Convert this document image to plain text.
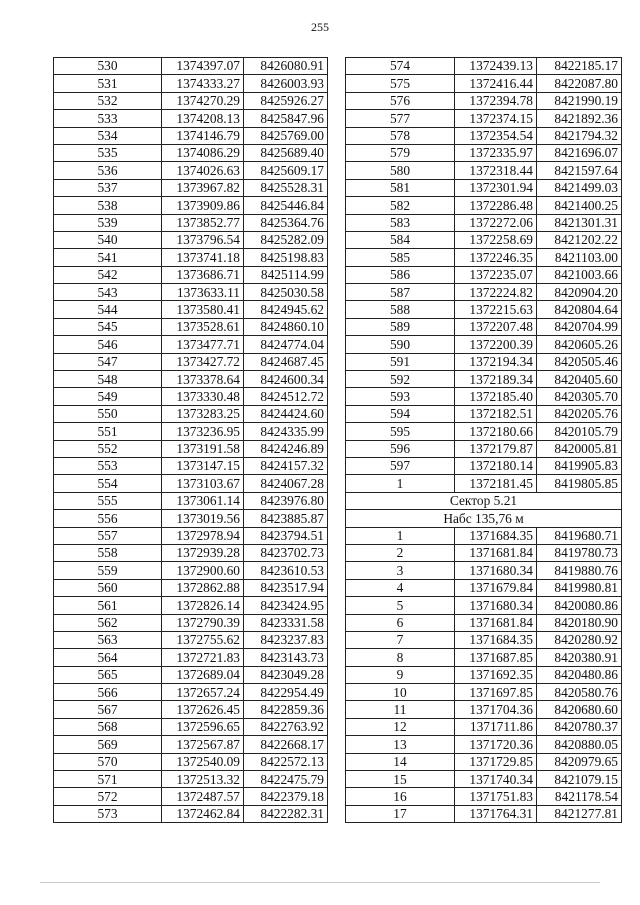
255
530	1374397.07	8426080.91
531	1374333.27	8426003.93
532	1374270.29	8425926.27
533	1374208.13	8425847.96
534	1374146.79	8425769.00
535	1374086.29	8425689.40
536	1374026.63	8425609.17
537	1373967.82	8425528.31
538	1373909.86	8425446.84
539	1373852.77	8425364.76
540	1373796.54	8425282.09
541	1373741.18	8425198.83
542	1373686.71	8425114.99
543	1373633.11	8425030.58
544	1373580.41	8424945.62
545	1373528.61	8424860.10
546	1373477.71	8424774.04
547	1373427.72	8424687.45
548	1373378.64	8424600.34
549	1373330.48	8424512.72
550	1373283.25	8424424.60
551	1373236.95	8424335.99
552	1373191.58	8424246.89
553	1373147.15	8424157.32
554	1373103.67	8424067.28
555	1373061.14	8423976.80
556	1373019.56	8423885.87
557	1372978.94	8423794.51
558	1372939.28	8423702.73
559	1372900.60	8423610.53
560	1372862.88	8423517.94
561	1372826.14	8423424.95
562	1372790.39	8423331.58
563	1372755.62	8423237.83
564	1372721.83	8423143.73
565	1372689.04	8423049.28
566	1372657.24	8422954.49
567	1372626.45	8422859.36
568	1372596.65	8422763.92
569	1372567.87	8422668.17
570	1372540.09	8422572.13
571	1372513.32	8422475.79
572	1372487.57	8422379.18
573	1372462.84	8422282.31
574	1372439.13	8422185.17
575	1372416.44	8422087.80
576	1372394.78	8421990.19
577	1372374.15	8421892.36
578	1372354.54	8421794.32
579	1372335.97	8421696.07
580	1372318.44	8421597.64
581	1372301.94	8421499.03
582	1372286.48	8421400.25
583	1372272.06	8421301.31
584	1372258.69	8421202.22
585	1372246.35	8421103.00
586	1372235.07	8421003.66
587	1372224.82	8420904.20
588	1372215.63	8420804.64
589	1372207.48	8420704.99
590	1372200.39	8420605.26
591	1372194.34	8420505.46
592	1372189.34	8420405.60
593	1372185.40	8420305.70
594	1372182.51	8420205.76
595	1372180.66	8420105.79
596	1372179.87	8420005.81
597	1372180.14	8419905.83
1	1372181.45	8419805.85
Сектор 5.21		
Набс 135,76 м		
1	1371684.35	8419680.71
2	1371681.84	8419780.73
3	1371680.34	8419880.76
4	1371679.84	8419980.81
5	1371680.34	8420080.86
6	1371681.84	8420180.90
7	1371684.35	8420280.92
8	1371687.85	8420380.91
9	1371692.35	8420480.86
10	1371697.85	8420580.76
11	1371704.36	8420680.60
12	1371711.86	8420780.37
13	1371720.36	8420880.05
14	1371729.85	8420979.65
15	1371740.34	8421079.15
16	1371751.83	8421178.54
17	1371764.31	8421277.81
